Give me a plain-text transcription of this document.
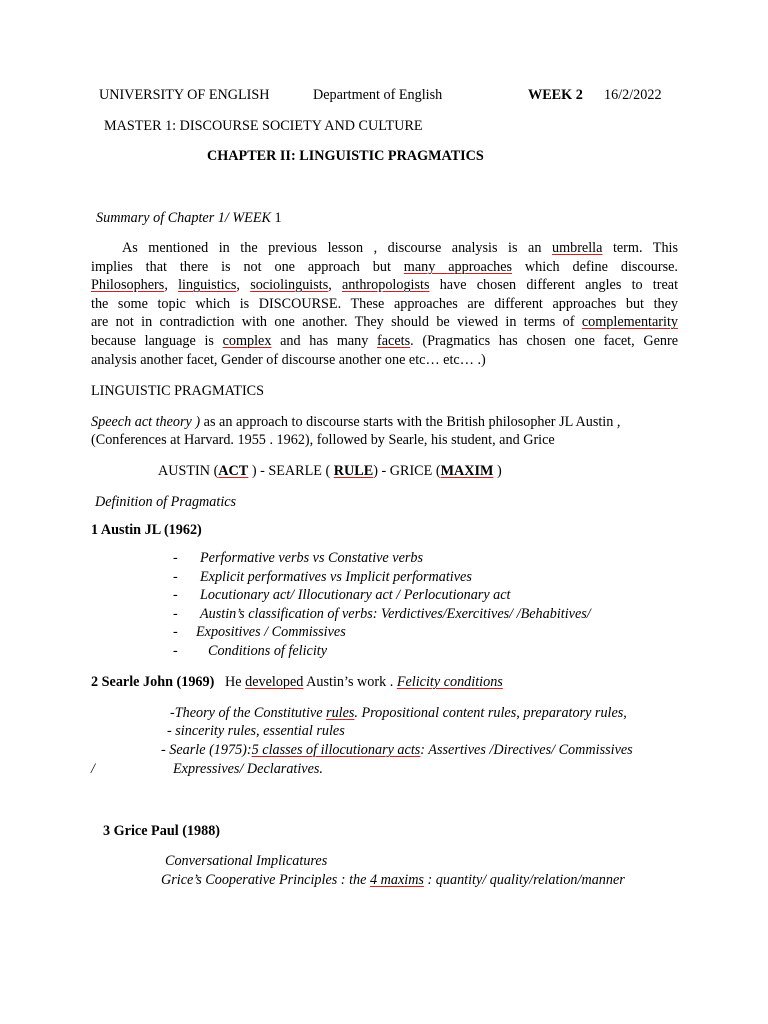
UNIVERSITY OF ENGLISH	Department of English	WEEK 2 16/2/2022
MASTER 1: DISCOURSE SOCIETY AND CULTURE
CHAPTER II: LINGUISTIC PRAGMATICS
Summary of Chapter 1/ WEEK 1
As mentioned in the previous lesson , discourse analysis is an umbrella term. This
implies that there is not one approach but many approaches which define discourse.
Philosophers, linguistics, sociolinguists, anthropologists have chosen different angles to treat
the some topic which is DISCOURSE. These approaches are different approaches but they
are not in contradiction with one another. They should be viewed in terms of complementarity
because language is complex and has many facets. (Pragmatics has chosen one facet, Genre
analysis another facet, Gender of discourse another one etc… etc… .)
LINGUISTIC PRAGMATICS
Speech act theory ) as an approach to discourse starts with the British philosopher JL Austin ,
(Conferences at Harvard. 1955 . 1962), followed by Searle, his student, and Grice
AUSTIN (ACT ) - SEARLE ( RULE) - GRICE (MAXIM )
Definition of Pragmatics
1 Austin JL (1962)
- Performative verbs vs Constative verbs
- Explicit performatives vs Implicit performatives
- Locutionary act/ Illocutionary act / Perlocutionary act
- Austin’s classification of verbs: Verdictives/Exercitives/ /Behabitives/
- Expositives / Commissives
- Conditions of felicity
2 Searle John (1969) He developed Austin’s work . Felicity conditions
-Theory of the Constitutive rules. Propositional content rules, preparatory rules,
- sincerity rules, essential rules
- Searle (1975):5 classes of illocutionary acts: Assertives /Directives/ Commissives
/	Expressives/ Declaratives.
3 Grice Paul (1988)
Conversational Implicatures
Grice’s Cooperative Principles : the 4 maxims : quantity/ quality/relation/manner
